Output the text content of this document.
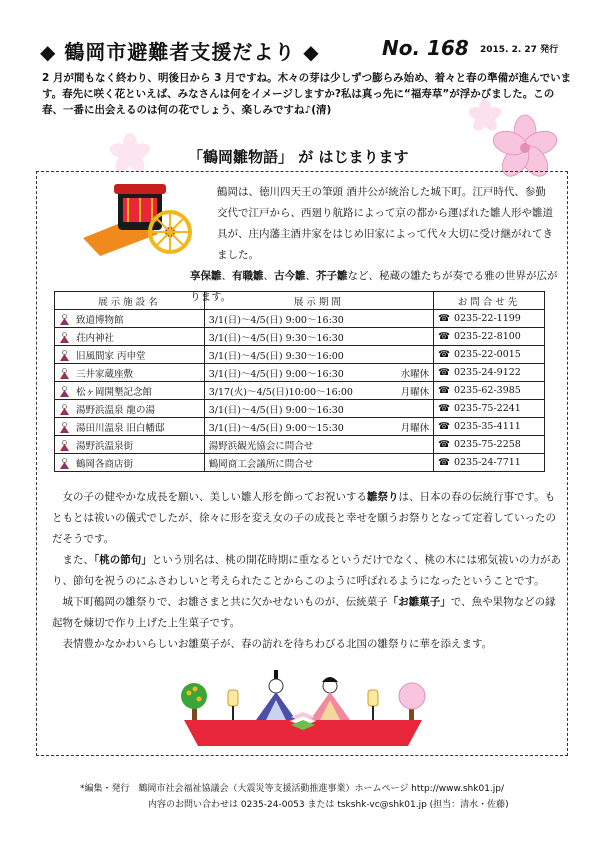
◆ 鶴岡市避難者支援だより ◆	No. 168 2015. 2. 27 発行
2 月が間もなく終わり、明後日から 3 月ですね。木々の芽は少しずつ膨らみ始め、着々と春の準備が進んでいます。春先に咲く花といえば、みなさんは何をイメージしますか?私は真っ先に“福寿草”が浮かびました。この春、一番に出会えるのは何の花でしょう、楽しみですね♪(清)
「鶴岡雛物語」 が はじまります
鶴岡は、徳川四天王の筆頭 酒井公が統治した城下町。江戸時代、参勤交代で江戸から、西廻り航路によって京の都から運ばれた雛人形や雛道具が、庄内藩主酒井家をはじめ旧家によって代々大切に受け継がれてきました。
享保雛、有職雛、古今雛、芥子雛など、秘蔵の雛たちが奏でる雅の世界が広がります。
展示施設名	展示期間	お問合せ先
致道博物館	3/1(日)～4/5(日) 9:00～16:30	☎ 0235-22-1199
荘内神社	3/1(日)～4/5(日) 9:30～16:30	☎ 0235-22-8100
旧風間家 丙申堂	3/1(日)～4/5(日) 9:30～16:00	☎ 0235-22-0015
三井家蔵座敷	3/1(日)～4/5(日) 9:00～16:30 水曜休	☎ 0235-24-9122
松ヶ岡開墾記念館	3/17(火)～4/5(日)10:00～16:00 月曜休	☎ 0235-62-3985
湯野浜温泉 龍の湯	3/1(日)～4/5(日) 9:00～16:30	☎ 0235-75-2241
湯田川温泉 旧白幡邸	3/1(日)～4/5(日) 9:00～15:30 月曜休	☎ 0235-35-4111
湯野浜温泉街	湯野浜観光協会に問合せ	☎ 0235-75-2258
鶴岡各商店街	鶴岡商工会議所に問合せ	☎ 0235-24-7711

女の子の健やかな成長を願い、美しい雛人形を飾ってお祝いする雛祭りは、日本の春の伝統行事です。もともとは祓いの儀式でしたが、徐々に形を変え女の子の成長と幸せを願うお祭りとなって定着していったのだそうです。

また、「桃の節句」という別名は、桃の開花時期に重なるというだけでなく、桃の木には邪気祓いの力があり、節句を祝うのにふさわしいと考えられたことからこのように呼ばれるようになったということです。

城下町鶴岡の雛祭りで、お雛さまと共に欠かせないものが、伝統菓子「お雛菓子」で、魚や果物などの縁起物を煉切で作り上げた上生菓子です。

表情豊かなかわいらしいお雛菓子が、春の訪れを待ちわびる北国の雛祭りに華を添えます。

*編集・発行　鶴岡市社会福祉協議会（大震災等支援活動推進事業）ホームページ http://www.shk01.jp/
内容のお問い合わせは 0235-24-0053 または tskshk-vc@shk01.jp (担当：清水・佐藤)
